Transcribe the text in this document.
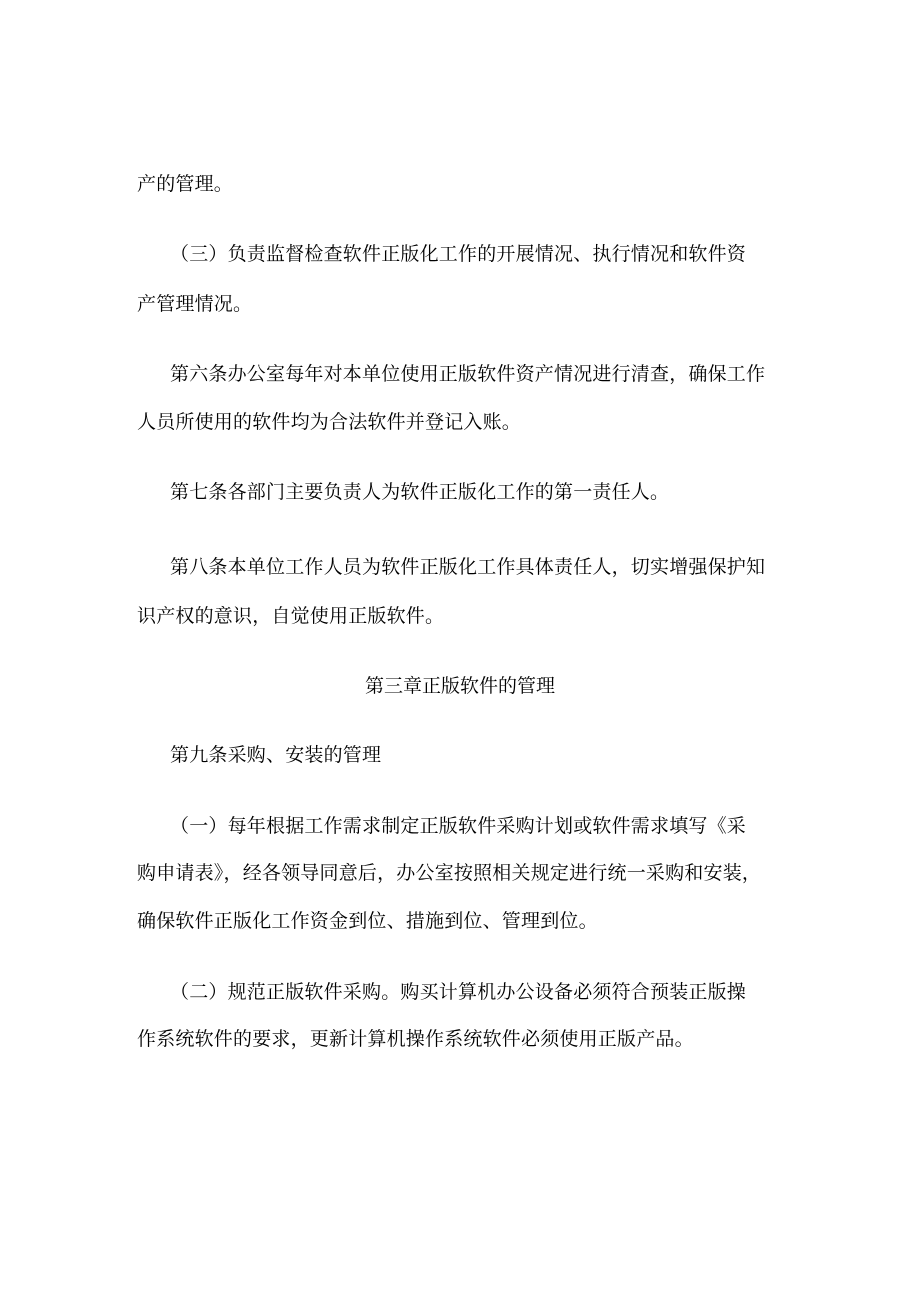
产的管理。
（三）负责监督检查软件正版化工作的开展情况、执行情况和软件资
产管理情况。
第六条办公室每年对本单位使用正版软件资产情况进行清查，确保工作
人员所使用的软件均为合法软件并登记入账。
第七条各部门主要负责人为软件正版化工作的第一责任人。
第八条本单位工作人员为软件正版化工作具体责任人，切实增强保护知
识产权的意识，自觉使用正版软件。
第三章正版软件的管理
第九条采购、安装的管理
（一）每年根据工作需求制定正版软件采购计划或软件需求填写《采
购申请表》，经各领导同意后，办公室按照相关规定进行统一采购和安装，
确保软件正版化工作资金到位、措施到位、管理到位。
（二）规范正版软件采购。购买计算机办公设备必须符合预装正版操
作系统软件的要求，更新计算机操作系统软件必须使用正版产品。
